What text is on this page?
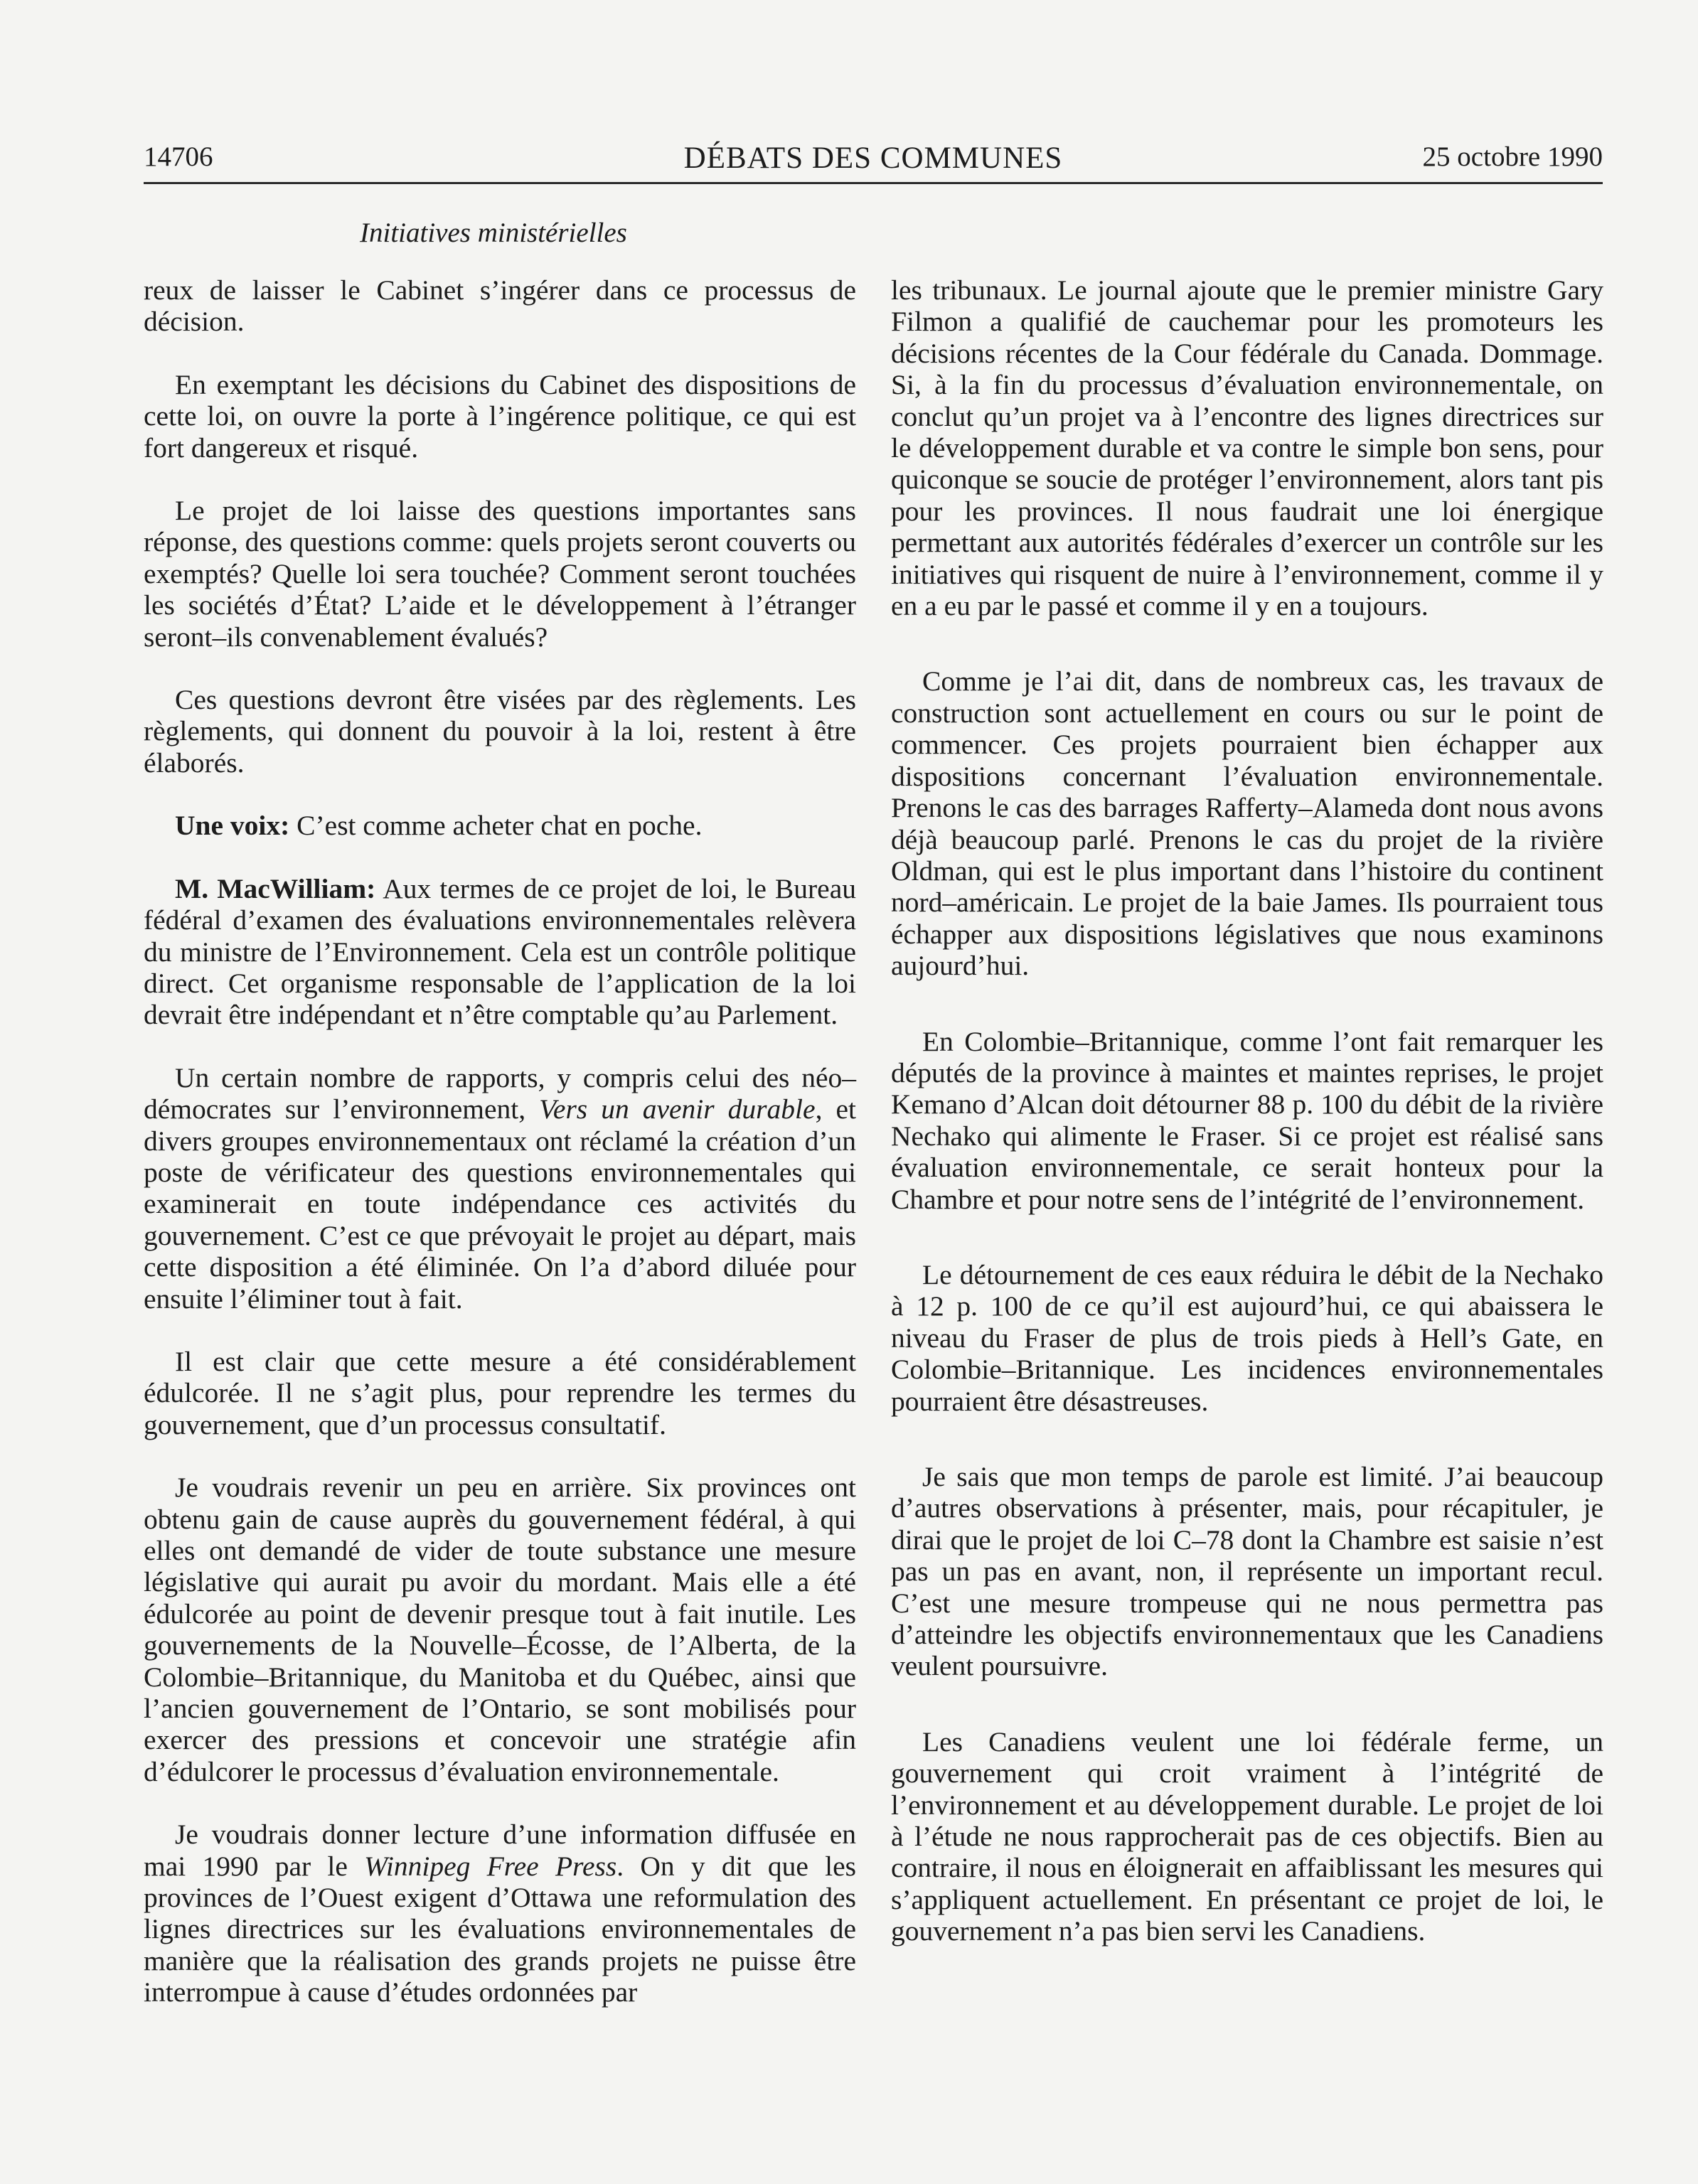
14706	DÉBATS DES COMMUNES	25 octobre 1990
Initiatives ministérielles

reux de laisser le Cabinet s’ingérer dans ce processus de décision.

En exemptant les décisions du Cabinet des dispositions de cette loi, on ouvre la porte à l’ingérence politique, ce qui est fort dangereux et risqué.

Le projet de loi laisse des questions importantes sans réponse, des questions comme: quels projets seront couverts ou exemptés? Quelle loi sera touchée? Comment seront touchées les sociétés d’État? L’aide et le développement à l’étranger seront–ils convenablement évalués?

Ces questions devront être visées par des règlements. Les règlements, qui donnent du pouvoir à la loi, restent à être élaborés.

Une voix: C’est comme acheter chat en poche.

M. MacWilliam: Aux termes de ce projet de loi, le Bureau fédéral d’examen des évaluations environnementales relèvera du ministre de l’Environnement. Cela est un contrôle politique direct. Cet organisme responsable de l’application de la loi devrait être indépendant et n’être comptable qu’au Parlement.

Un certain nombre de rapports, y compris celui des néo–démocrates sur l’environnement, Vers un avenir durable, et divers groupes environnementaux ont réclamé la création d’un poste de vérificateur des questions environnementales qui examinerait en toute indépendance ces activités du gouvernement. C’est ce que prévoyait le projet au départ, mais cette disposition a été éliminée. On l’a d’abord diluée pour ensuite l’éliminer tout à fait.

Il est clair que cette mesure a été considérablement édulcorée. Il ne s’agit plus, pour reprendre les termes du gouvernement, que d’un processus consultatif.

Je voudrais revenir un peu en arrière. Six provinces ont obtenu gain de cause auprès du gouvernement fédéral, à qui elles ont demandé de vider de toute substance une mesure législative qui aurait pu avoir du mordant. Mais elle a été édulcorée au point de devenir presque tout à fait inutile. Les gouvernements de la Nouvelle–Écosse, de l’Alberta, de la Colombie–Britannique, du Manitoba et du Québec, ainsi que l’ancien gouvernement de l’Ontario, se sont mobilisés pour exercer des pressions et concevoir une stratégie afin d’édulcorer le processus d’évaluation environnementale.

Je voudrais donner lecture d’une information diffusée en mai 1990 par le Winnipeg Free Press. On y dit que les provinces de l’Ouest exigent d’Ottawa une reformulation des lignes directrices sur les évaluations environnementales de manière que la réalisation des grands projets ne puisse être interrompue à cause d’études ordonnées par

les tribunaux. Le journal ajoute que le premier ministre Gary Filmon a qualifié de cauchemar pour les promoteurs les décisions récentes de la Cour fédérale du Canada. Dommage. Si, à la fin du processus d’évaluation environnementale, on conclut qu’un projet va à l’encontre des lignes directrices sur le développement durable et va contre le simple bon sens, pour quiconque se soucie de protéger l’environnement, alors tant pis pour les provinces. Il nous faudrait une loi énergique permettant aux autorités fédérales d’exercer un contrôle sur les initiatives qui risquent de nuire à l’environnement, comme il y en a eu par le passé et comme il y en a toujours.

Comme je l’ai dit, dans de nombreux cas, les travaux de construction sont actuellement en cours ou sur le point de commencer. Ces projets pourraient bien échapper aux dispositions concernant l’évaluation environnementale. Prenons le cas des barrages Rafferty–Alameda dont nous avons déjà beaucoup parlé. Prenons le cas du projet de la rivière Oldman, qui est le plus important dans l’histoire du continent nord–américain. Le projet de la baie James. Ils pourraient tous échapper aux dispositions législatives que nous examinons aujourd’hui.

En Colombie–Britannique, comme l’ont fait remarquer les députés de la province à maintes et maintes reprises, le projet Kemano d’Alcan doit détourner 88 p. 100 du débit de la rivière Nechako qui alimente le Fraser. Si ce projet est réalisé sans évaluation environnementale, ce serait honteux pour la Chambre et pour notre sens de l’intégrité de l’environnement.

Le détournement de ces eaux réduira le débit de la Nechako à 12 p. 100 de ce qu’il est aujourd’hui, ce qui abaissera le niveau du Fraser de plus de trois pieds à Hell’s Gate, en Colombie–Britannique. Les incidences environnementales pourraient être désastreuses.

Je sais que mon temps de parole est limité. J’ai beaucoup d’autres observations à présenter, mais, pour récapituler, je dirai que le projet de loi C–78 dont la Chambre est saisie n’est pas un pas en avant, non, il représente un important recul. C’est une mesure trompeuse qui ne nous permettra pas d’atteindre les objectifs environnementaux que les Canadiens veulent poursuivre.

Les Canadiens veulent une loi fédérale ferme, un gouvernement qui croit vraiment à l’intégrité de l’environnement et au développement durable. Le projet de loi à l’étude ne nous rapprocherait pas de ces objectifs. Bien au contraire, il nous en éloignerait en affaiblissant les mesures qui s’appliquent actuellement. En présentant ce projet de loi, le gouvernement n’a pas bien servi les Canadiens.
